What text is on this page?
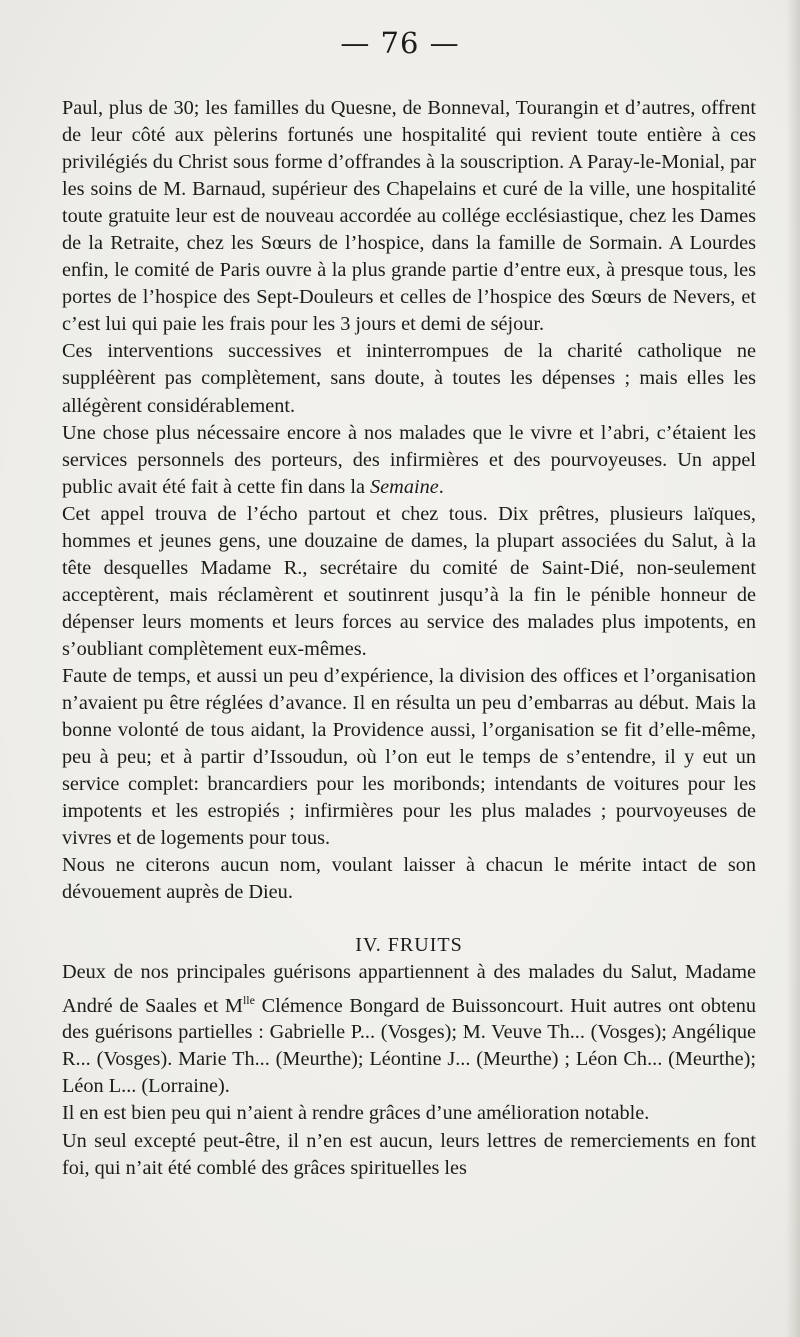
— 76 —

Paul, plus de 30; les familles du Quesne, de Bonneval, Tourangin et d’autres, offrent de leur côté aux pèlerins fortunés une hospitalité qui revient toute entière à ces privilégiés du Christ sous forme d’offrandes à la souscription. A Paray-le-Monial, par les soins de M. Barnaud, supérieur des Chapelains et curé de la ville, une hospitalité toute gratuite leur est de nouveau accordée au collége ecclésiastique, chez les Dames de la Retraite, chez les Sœurs de l’hospice, dans la famille de Sormain. A Lourdes enfin, le comité de Paris ouvre à la plus grande partie d’entre eux, à presque tous, les portes de l’hospice des Sept-Douleurs et celles de l’hospice des Sœurs de Nevers, et c’est lui qui paie les frais pour les 3 jours et demi de séjour.

Ces interventions successives et ininterrompues de la charité catholique ne suppléèrent pas complètement, sans doute, à toutes les dépenses ; mais elles les allégèrent considérablement.

Une chose plus nécessaire encore à nos malades que le vivre et l’abri, c’étaient les services personnels des porteurs, des infirmières et des pourvoyeuses. Un appel public avait été fait à cette fin dans la Semaine.

Cet appel trouva de l’écho partout et chez tous. Dix prêtres, plusieurs laïques, hommes et jeunes gens, une douzaine de dames, la plupart associées du Salut, à la tête desquelles Madame R., secrétaire du comité de Saint-Dié, non-seulement acceptèrent, mais réclamèrent et soutinrent jusqu’à la fin le pénible honneur de dépenser leurs moments et leurs forces au service des malades plus impotents, en s’oubliant complètement eux-mêmes.

Faute de temps, et aussi un peu d’expérience, la division des offices et l’organisation n’avaient pu être réglées d’avance. Il en résulta un peu d’embarras au début. Mais la bonne volonté de tous aidant, la Providence aussi, l’organisation se fit d’elle-même, peu à peu; et à partir d’Issoudun, où l’on eut le temps de s’entendre, il y eut un service complet: brancardiers pour les moribonds; intendants de voitures pour les impotents et les estropiés ; infirmières pour les plus malades ; pourvoyeuses de vivres et de logements pour tous.

Nous ne citerons aucun nom, voulant laisser à chacun le mérite intact de son dévouement auprès de Dieu.

IV. FRUITS

Deux de nos principales guérisons appartiennent à des malades du Salut, Madame André de Saales et $M^{lle}$ Clémence Bongard de Buissoncourt. Huit autres ont obtenu des guérisons partielles : Gabrielle P... (Vosges); M. Veuve Th... (Vosges); Angélique R... (Vosges). Marie Th... (Meurthe); Léontine J... (Meurthe) ; Léon Ch... (Meurthe); Léon L... (Lorraine).

Il en est bien peu qui n’aient à rendre grâces d’une amélioration notable.

Un seul excepté peut-être, il n’en est aucun, leurs lettres de remerciements en font foi, qui n’ait été comblé des grâces spirituelles les
